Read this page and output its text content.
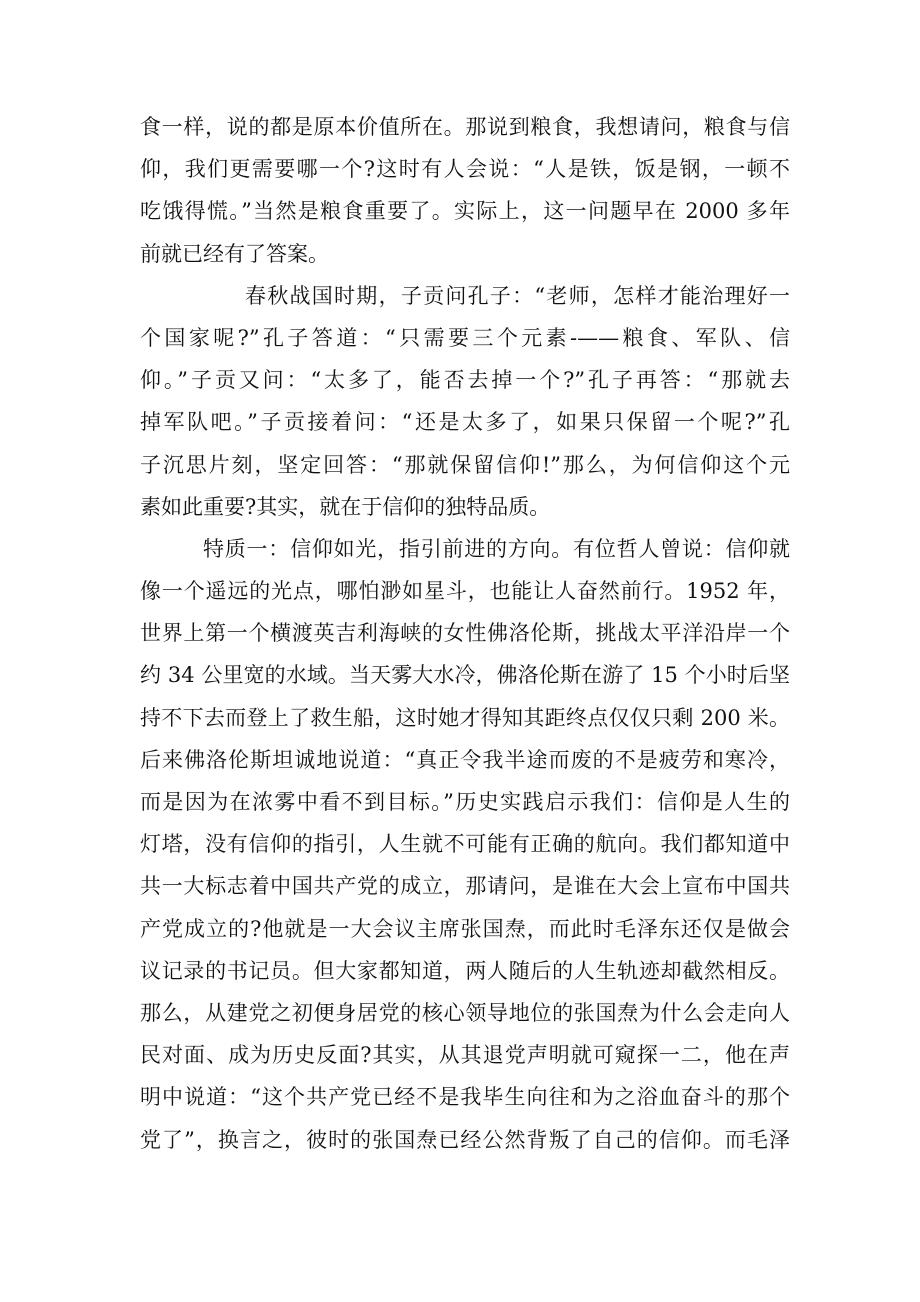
食一样，说的都是原本价值所在。那说到粮食，我想请问，粮食与信
仰，我们更需要哪一个?这时有人会说：“人是铁，饭是钢，一顿不
吃饿得慌。”当然是粮食重要了。实际上，这一问题早在 2000 多年
前就已经有了答案。
春秋战国时期，子贡问孔子：“老师，怎样才能治理好一
个国家呢?”孔子答道：“只需要三个元素-——粮食、军队、信
仰。”子贡又问：“太多了，能否去掉一个?”孔子再答：“那就去
掉军队吧。”子贡接着问：“还是太多了，如果只保留一个呢?”孔
子沉思片刻，坚定回答：“那就保留信仰!”那么，为何信仰这个元
素如此重要?其实，就在于信仰的独特品质。
特质一：信仰如光，指引前进的方向。有位哲人曾说：信仰就
像一个遥远的光点，哪怕渺如星斗，也能让人奋然前行。1952 年，
世界上第一个横渡英吉利海峡的女性佛洛伦斯，挑战太平洋沿岸一个
约 34 公里宽的水域。当天雾大水冷，佛洛伦斯在游了 15 个小时后坚
持不下去而登上了救生船，这时她才得知其距终点仅仅只剩 200 米。
后来佛洛伦斯坦诚地说道：“真正令我半途而废的不是疲劳和寒冷，
而是因为在浓雾中看不到目标。”历史实践启示我们：信仰是人生的
灯塔，没有信仰的指引，人生就不可能有正确的航向。我们都知道中
共一大标志着中国共产党的成立，那请问，是谁在大会上宣布中国共
产党成立的?他就是一大会议主席张国焘，而此时毛泽东还仅是做会
议记录的书记员。但大家都知道，两人随后的人生轨迹却截然相反。
那么，从建党之初便身居党的核心领导地位的张国焘为什么会走向人
民对面、成为历史反面?其实，从其退党声明就可窥探一二，他在声
明中说道：“这个共产党已经不是我毕生向往和为之浴血奋斗的那个
党了”，换言之，彼时的张国焘已经公然背叛了自己的信仰。而毛泽
